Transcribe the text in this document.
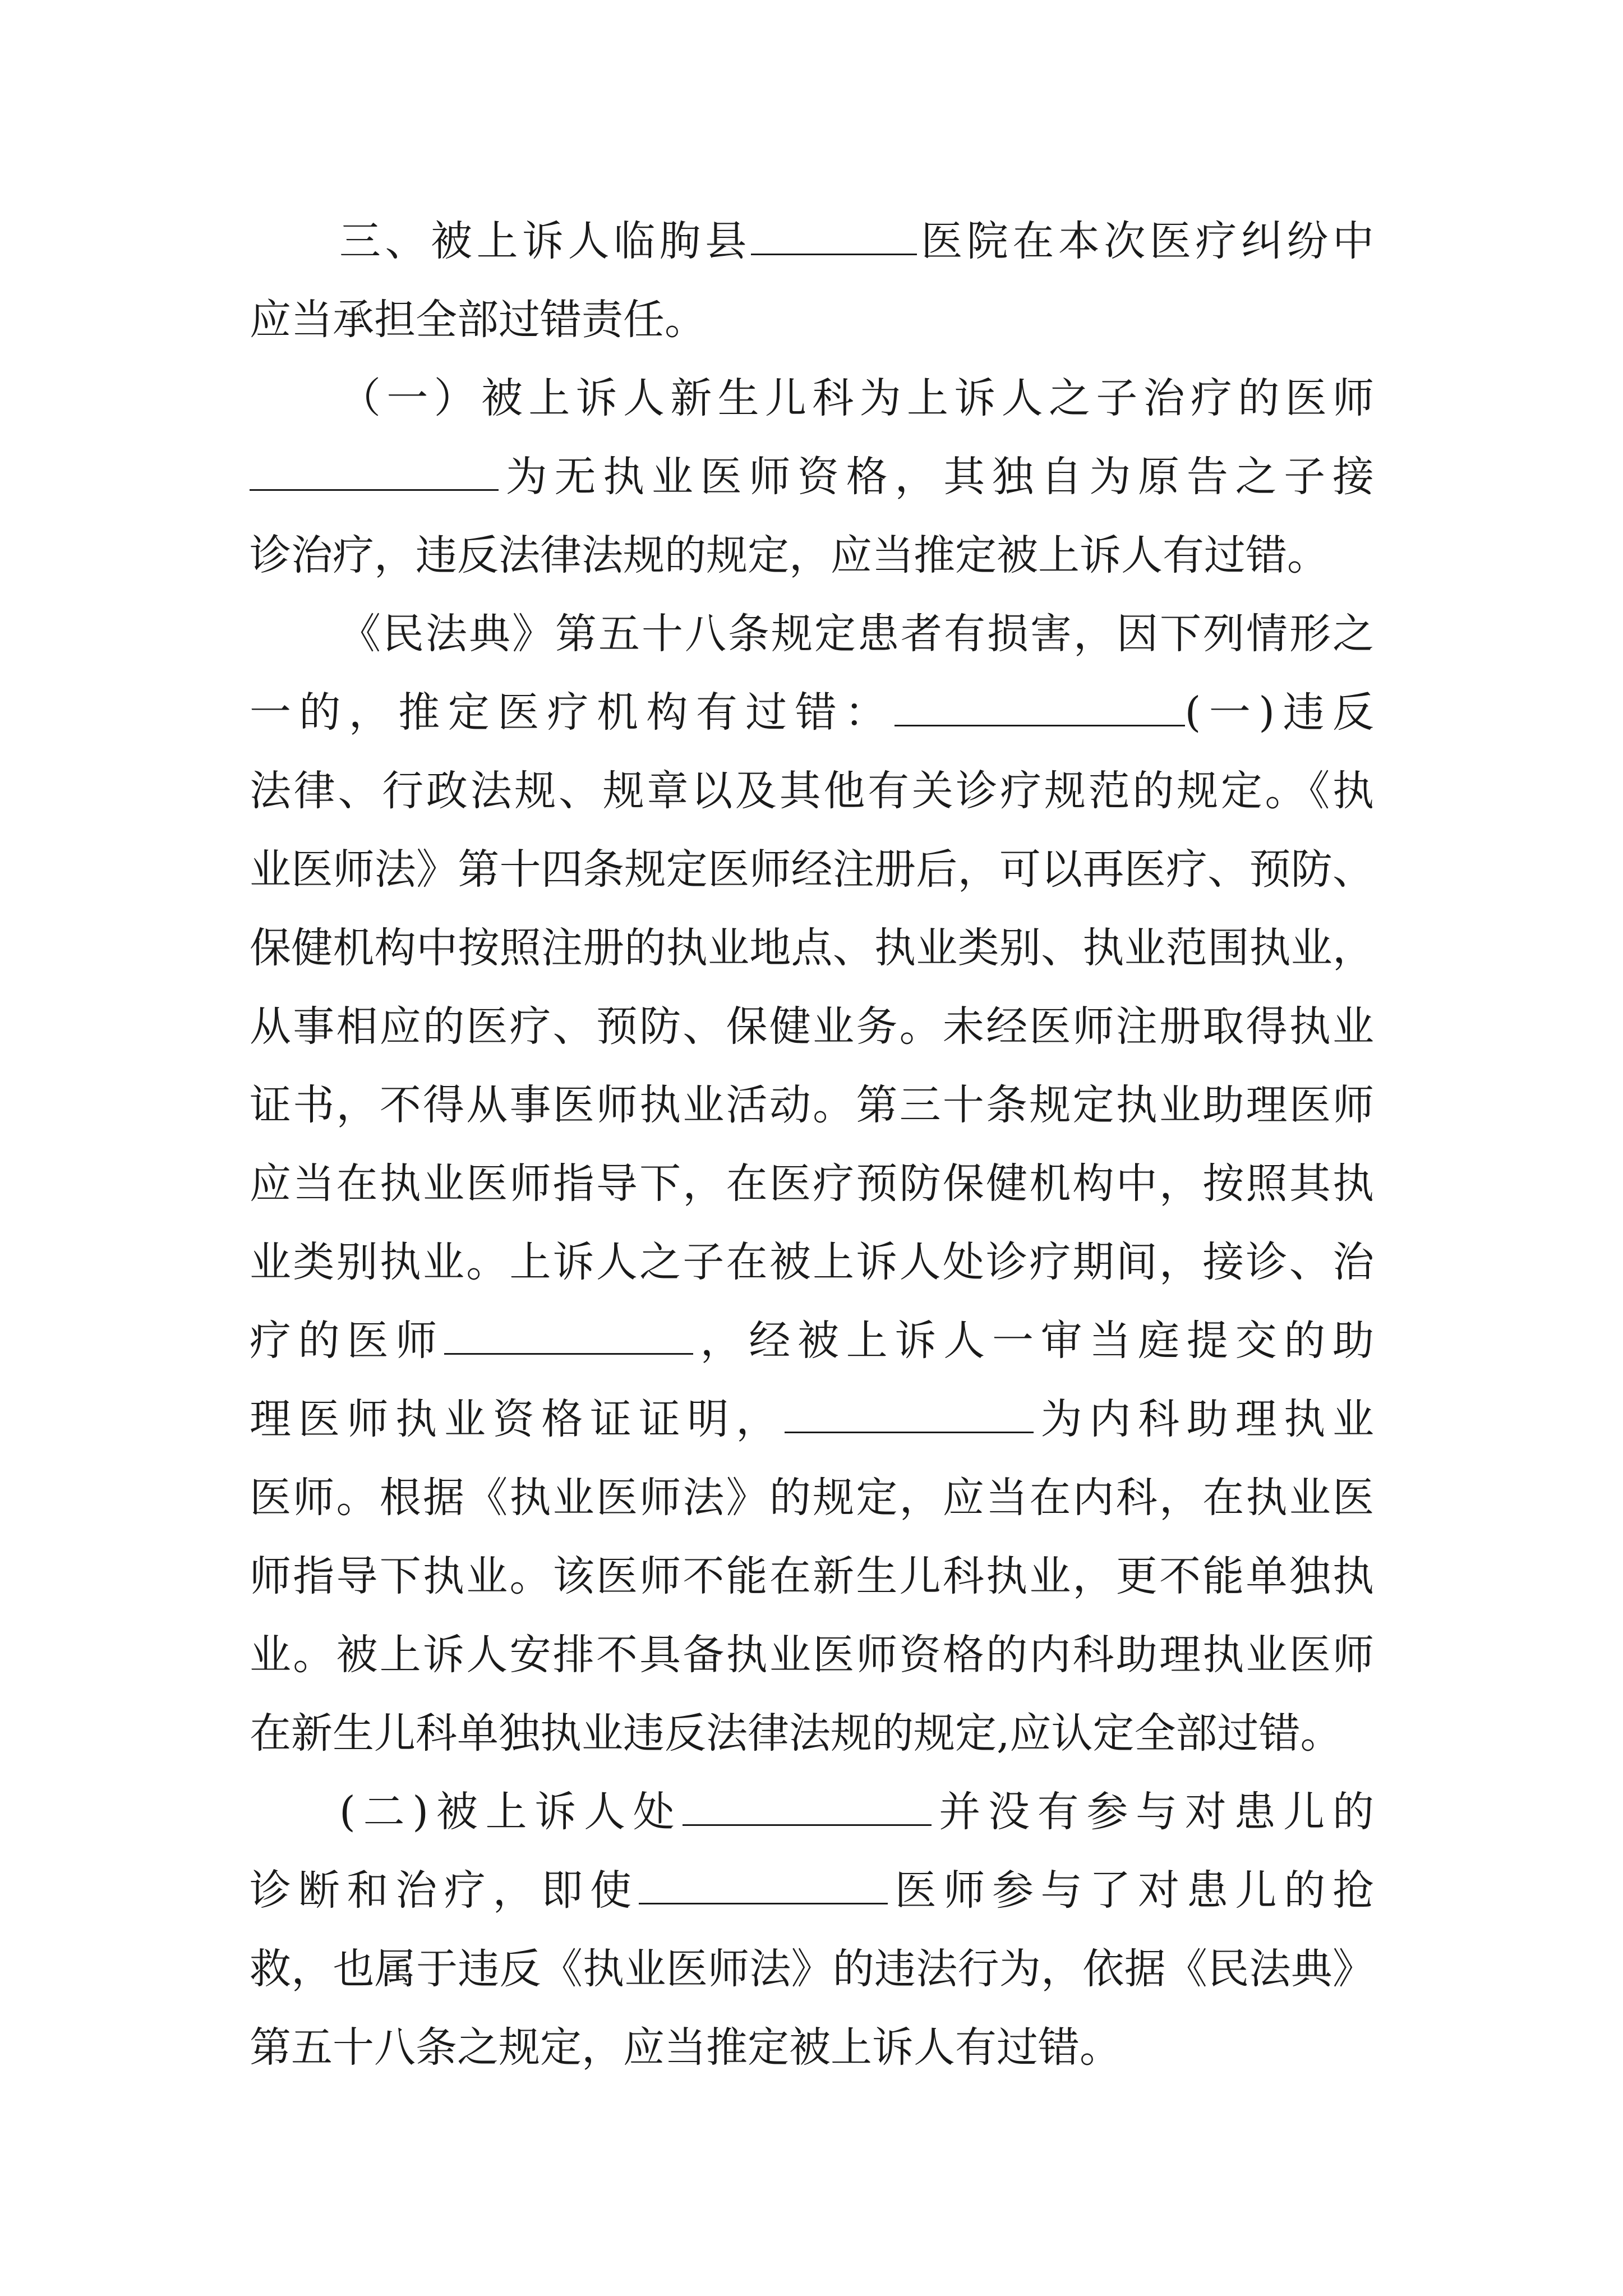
三、被上诉人临朐县	医院在本次医疗纠纷中
应当承担全部过错责任。
（一）被上诉人新生儿科为上诉人之子治疗的医师
为无执业医师资格，其独自为原告之子接
诊治疗，违反法律法规的规定，应当推定被上诉人有过错。
《民法典》第五十八条规定患者有损害，因下列情形之
一的，推定医疗机构有过错：	(一)违反
法律、行政法规、规章以及其他有关诊疗规范的规定。《执
业医师法》第十四条规定医师经注册后，可以再医疗、预防、
保健机构中按照注册的执业地点、执业类别、执业范围执业，
从事相应的医疗、预防、保健业务。未经医师注册取得执业
证书，不得从事医师执业活动。第三十条规定执业助理医师
应当在执业医师指导下，在医疗预防保健机构中，按照其执
业类别执业。上诉人之子在被上诉人处诊疗期间，接诊、治
疗的医师	，经被上诉人一审当庭提交的助
理医师执业资格证证明，	为内科助理执业
医师。根据《执业医师法》的规定，应当在内科，在执业医
师指导下执业。该医师不能在新生儿科执业，更不能单独执
业。被上诉人安排不具备执业医师资格的内科助理执业医师
在新生儿科单独执业违反法律法规的规定,应认定全部过错。
(二)被上诉人处	并没有参与对患儿的
诊断和治疗，即使	医师参与了对患儿的抢
救，也属于违反《执业医师法》的违法行为，依据《民法典》
第五十八条之规定，应当推定被上诉人有过错。
